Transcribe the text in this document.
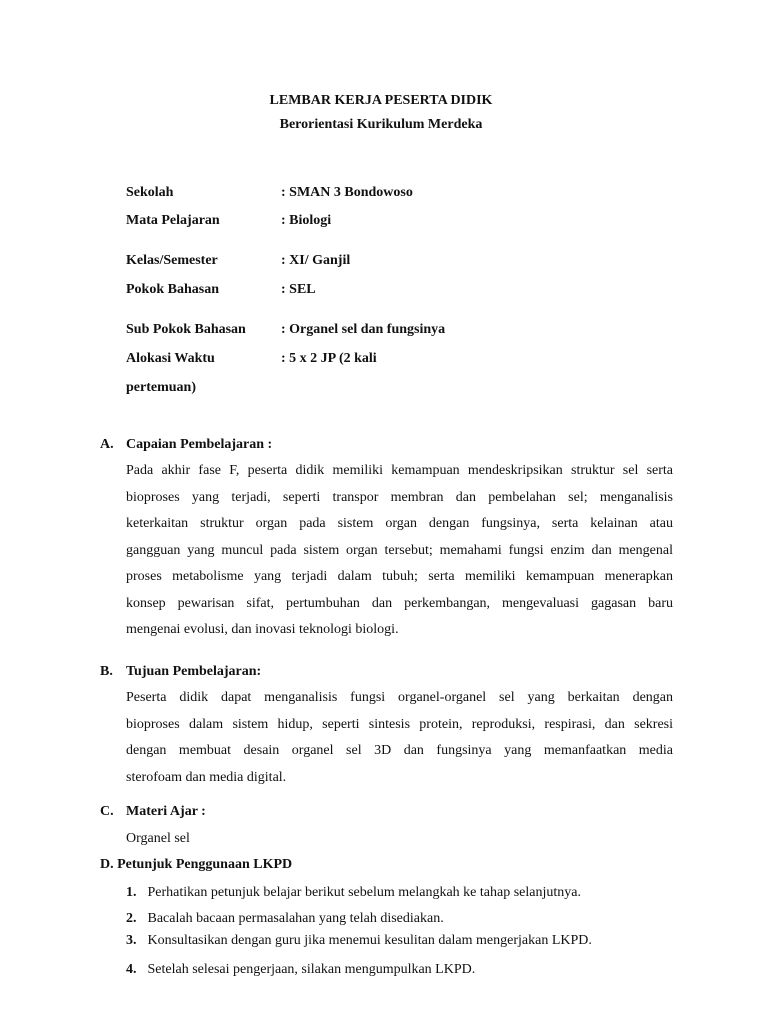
LEMBAR KERJA PESERTA DIDIK
Berorientasi Kurikulum Merdeka
Sekolah	: SMAN 3 Bondowoso
Mata Pelajaran	: Biologi
Kelas/Semester	: XI/ Ganjil
Pokok Bahasan	: SEL
Sub Pokok Bahasan	: Organel sel dan fungsinya
Alokasi Waktu	: 5 x 2 JP (2 kali
pertemuan)
A. Capaian Pembelajaran :
Pada akhir fase F, peserta didik memiliki kemampuan mendeskripsikan struktur sel serta
bioproses yang terjadi, seperti transpor membran dan pembelahan sel; menganalisis
keterkaitan struktur organ pada sistem organ dengan fungsinya, serta kelainan atau
gangguan yang muncul pada sistem organ tersebut; memahami fungsi enzim dan mengenal
proses metabolisme yang terjadi dalam tubuh; serta memiliki kemampuan menerapkan
konsep pewarisan sifat, pertumbuhan dan perkembangan, mengevaluasi gagasan baru
mengenai evolusi, dan inovasi teknologi biologi.
B. Tujuan Pembelajaran:
Peserta didik dapat menganalisis fungsi organel-organel sel yang berkaitan dengan
bioproses dalam sistem hidup, seperti sintesis protein, reproduksi, respirasi, dan sekresi
dengan membuat desain organel sel 3D dan fungsinya yang memanfaatkan media
sterofoam dan media digital.
C. Materi Ajar :
Organel sel
D. Petunjuk Penggunaan LKPD
1. Perhatikan petunjuk belajar berikut sebelum melangkah ke tahap selanjutnya.
2. Bacalah bacaan permasalahan yang telah disediakan.
3. Konsultasikan dengan guru jika menemui kesulitan dalam mengerjakan LKPD.
4. Setelah selesai pengerjaan, silakan mengumpulkan LKPD.
